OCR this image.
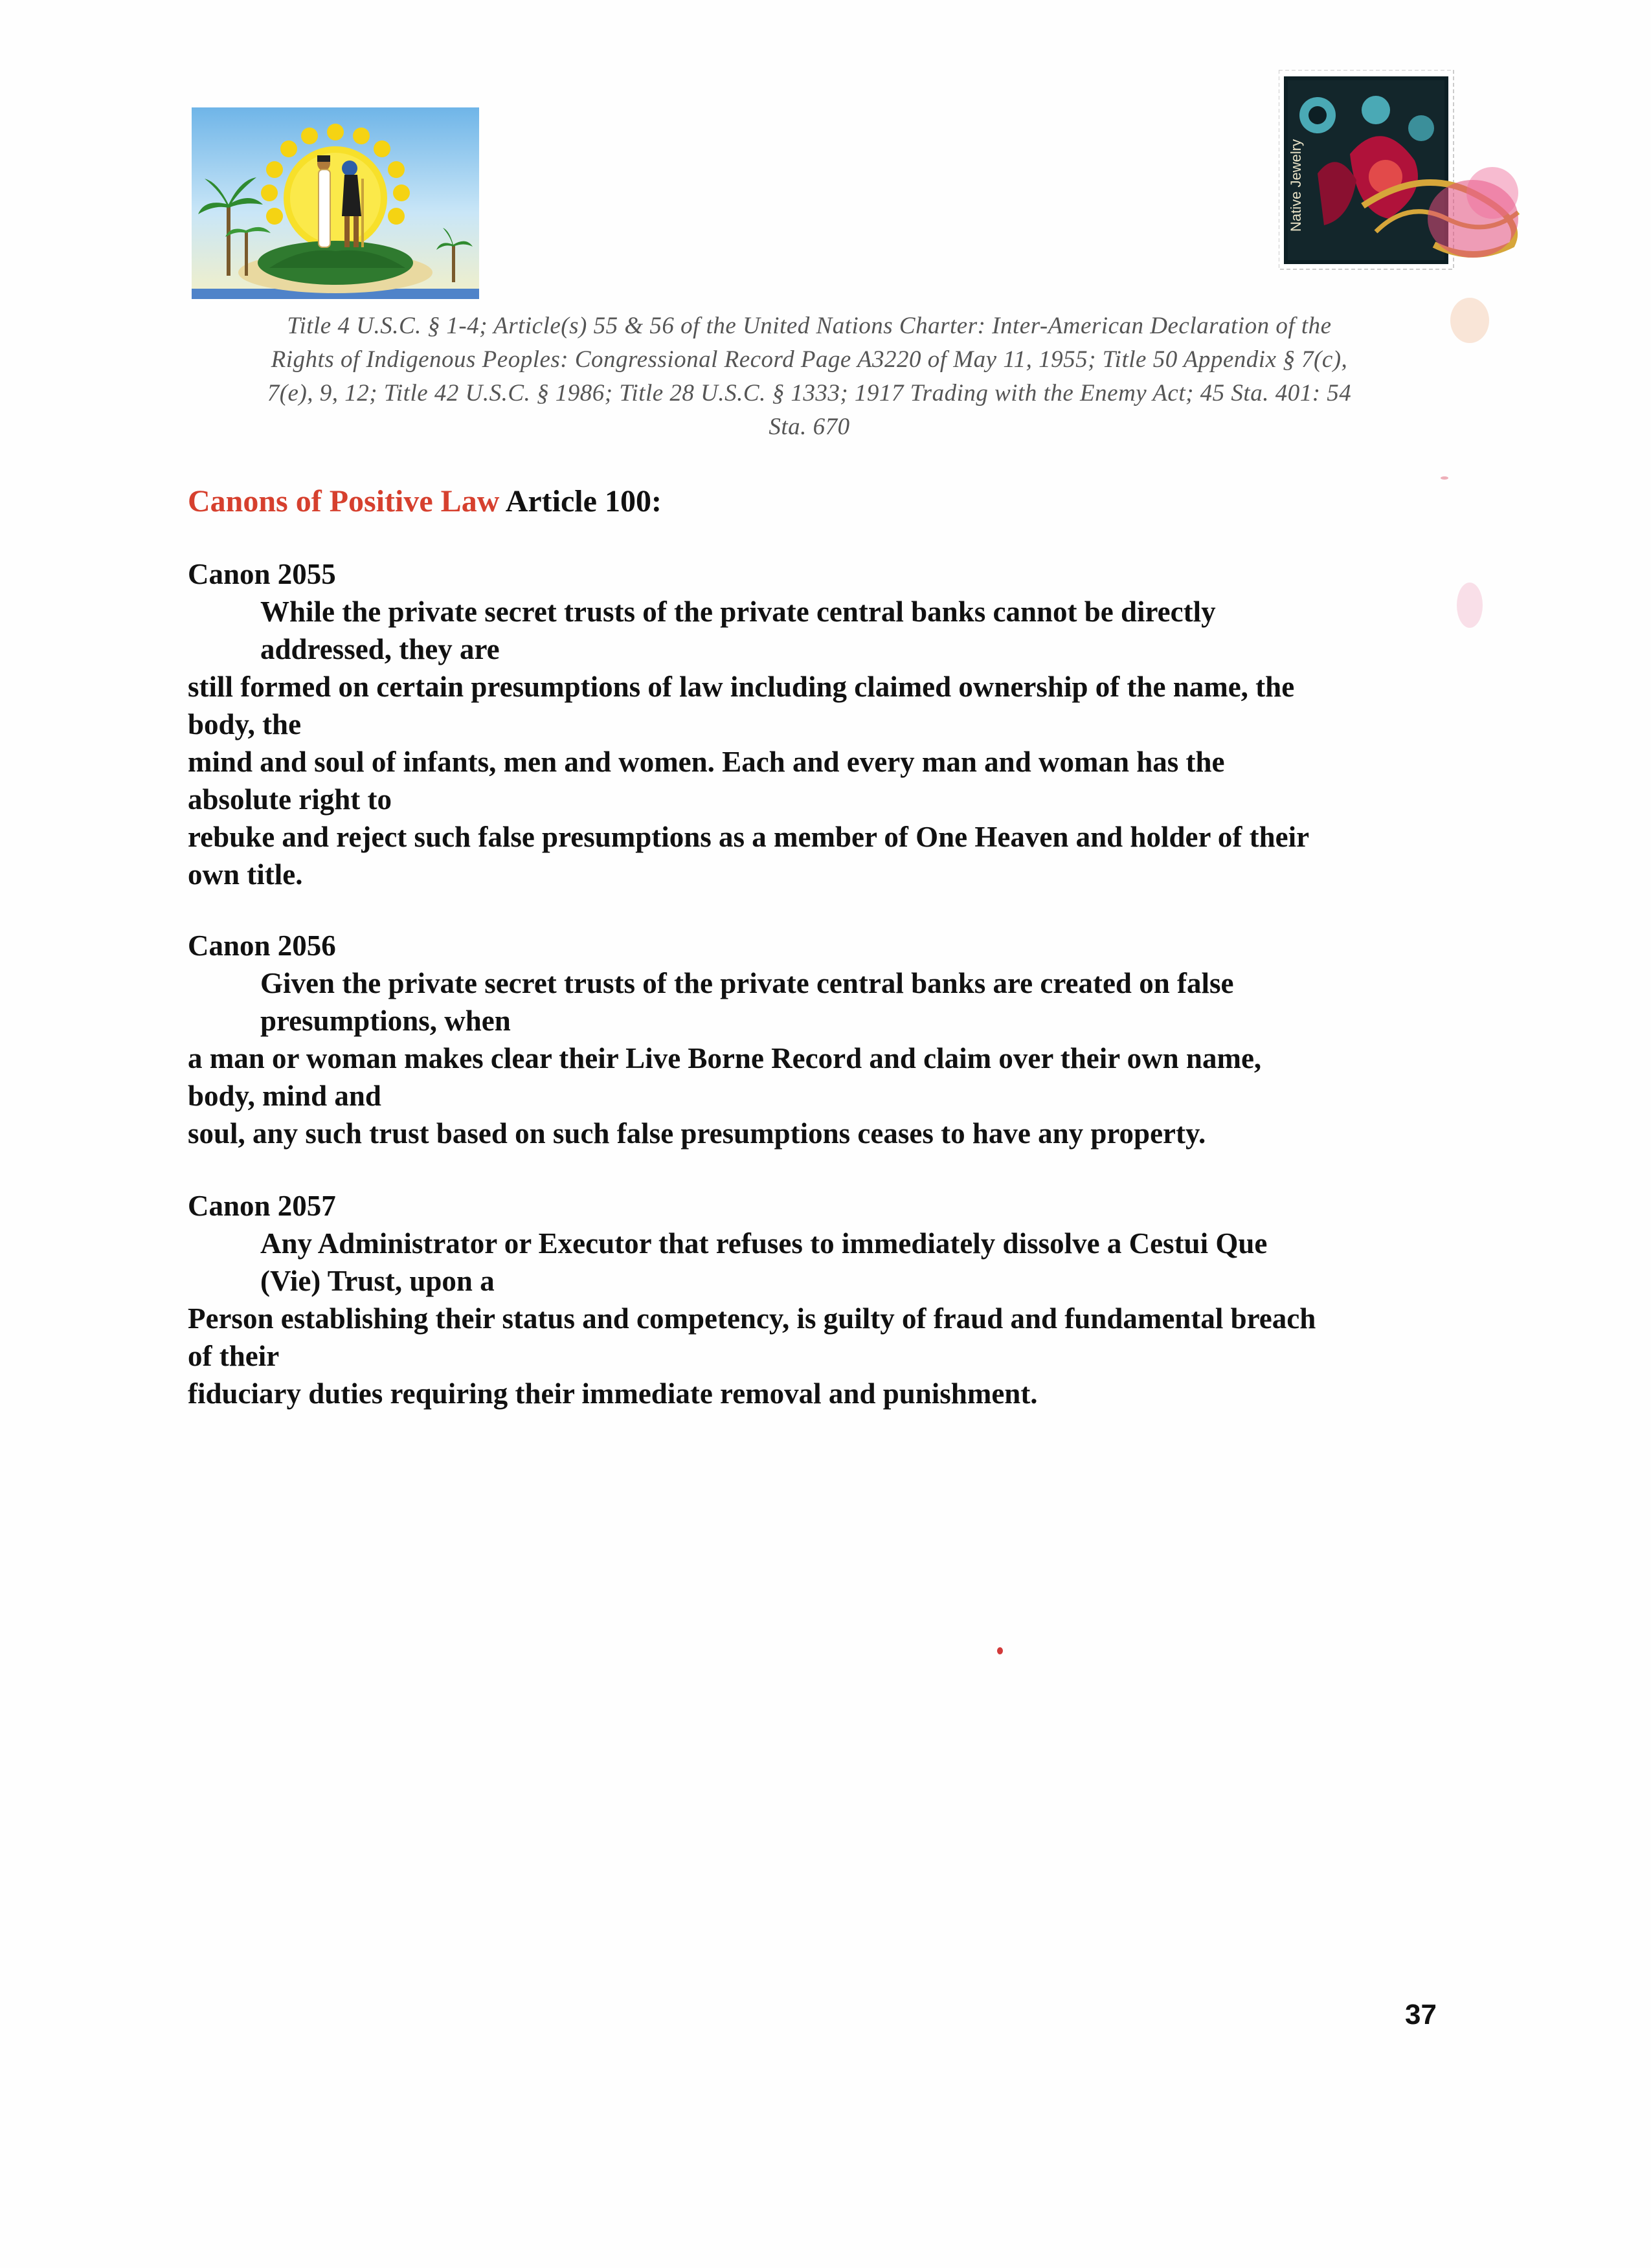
Native Jewelry
Title 4 U.S.C. § 1-4; Article(s) 55 & 56 of the United Nations Charter: Inter-American Declaration of the
Rights of Indigenous Peoples: Congressional Record Page A3220 of May 11, 1955; Title 50 Appendix § 7(c),
7(e), 9, 12; Title 42 U.S.C. § 1986; Title 28 U.S.C. § 1333; 1917 Trading with the Enemy Act; 45 Sta. 401: 54
Sta. 670
Canons of Positive Law Article 100:
Canon 2055
While the private secret trusts of the private central banks cannot be directly
addressed, they are
still formed on certain presumptions of law including claimed ownership of the name, the
body, the
mind and soul of infants, men and women. Each and every man and woman has the
absolute right to
rebuke and reject such false presumptions as a member of One Heaven and holder of their
own title.
Canon 2056
Given the private secret trusts of the private central banks are created on false
presumptions, when
a man or woman makes clear their Live Borne Record and claim over their own name,
body, mind and
soul, any such trust based on such false presumptions ceases to have any property.
Canon 2057
Any Administrator or Executor that refuses to immediately dissolve a Cestui Que
(Vie) Trust, upon a
Person establishing their status and competency, is guilty of fraud and fundamental breach
of their
fiduciary duties requiring their immediate removal and punishment.
37
